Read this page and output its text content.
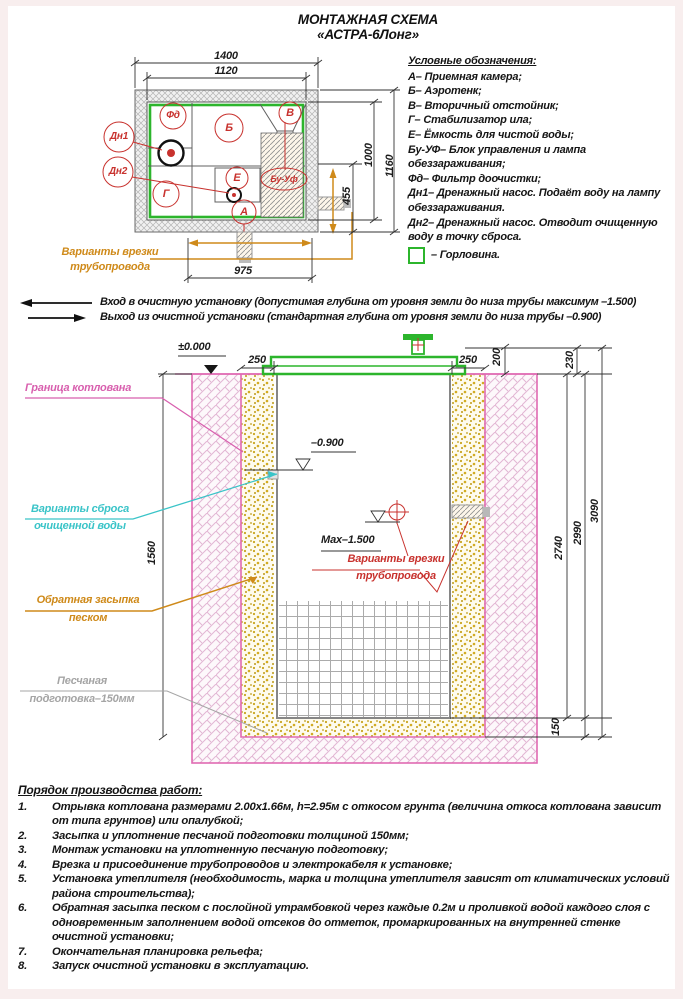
МОНТАЖНАЯ СХЕМА
«АСТРА-6Лонг»
1400
1120
1000 1160
455
975
Фд
Б
В
Г
Е	Бу-Уф
А
Дн1
Дн2
Варианты врезки
трубопровода
Условные обозначения:
А– Приемная камера;
Б– Аэротенк;
В– Вторичный отстойник;
Г– Стабилизатор ила;
Е– Ёмкость для чистой воды;
Бу-УФ– Блок управления и лампа обеззараживания;
Фд– Фильтр доочистки;
Дн1– Дренажный насос. Подаёт воду на лампу обеззараживания.
Дн2– Дренажный насос. Отводит очищенную воду в точку сброса.
– Горловина.
Вход в очистную установку (допустимая глубина от уровня земли до низа трубы максимум –1.500)
Выход из очистной установки (стандартная глубина от уровня земли до низа трубы –0.900)
±0.000
–0.900
Мах–1.500
250	250 200	230
2740
2990
3090
150
1560
Граница котлована
Варианты сброса
очищенной воды
Обратная засыпка
песком
Песчаная
подготовка–150мм
Варианты врезки
трубопровода
Порядок производства работ:
1.	Отрывка котлована размерами 2.00х1.66м, h=2.95м с откосом грунта (величина откоса котлована зависит от типа грунтов) или опалубкой;
2.	Засыпка и уплотнение песчаной подготовки толщиной 150мм;
3.	Монтаж установки на уплотненную песчаную подготовку;
4.	Врезка и присоединение трубопроводов и электрокабеля к установке;
5.	Установка утеплителя (необходимость, марка и толщина утеплителя зависят от климатических условий района строительства);
6.	Обратная засыпка песком с послойной утрамбовкой через каждые 0.2м и проливкой водой каждого слоя с одновременным заполнением водой отсеков до отметок, промаркированных на внутренней стенке очистной установки;
7.	Окончательная планировка рельефа;
8.	Запуск очистной установки в эксплуатацию.
